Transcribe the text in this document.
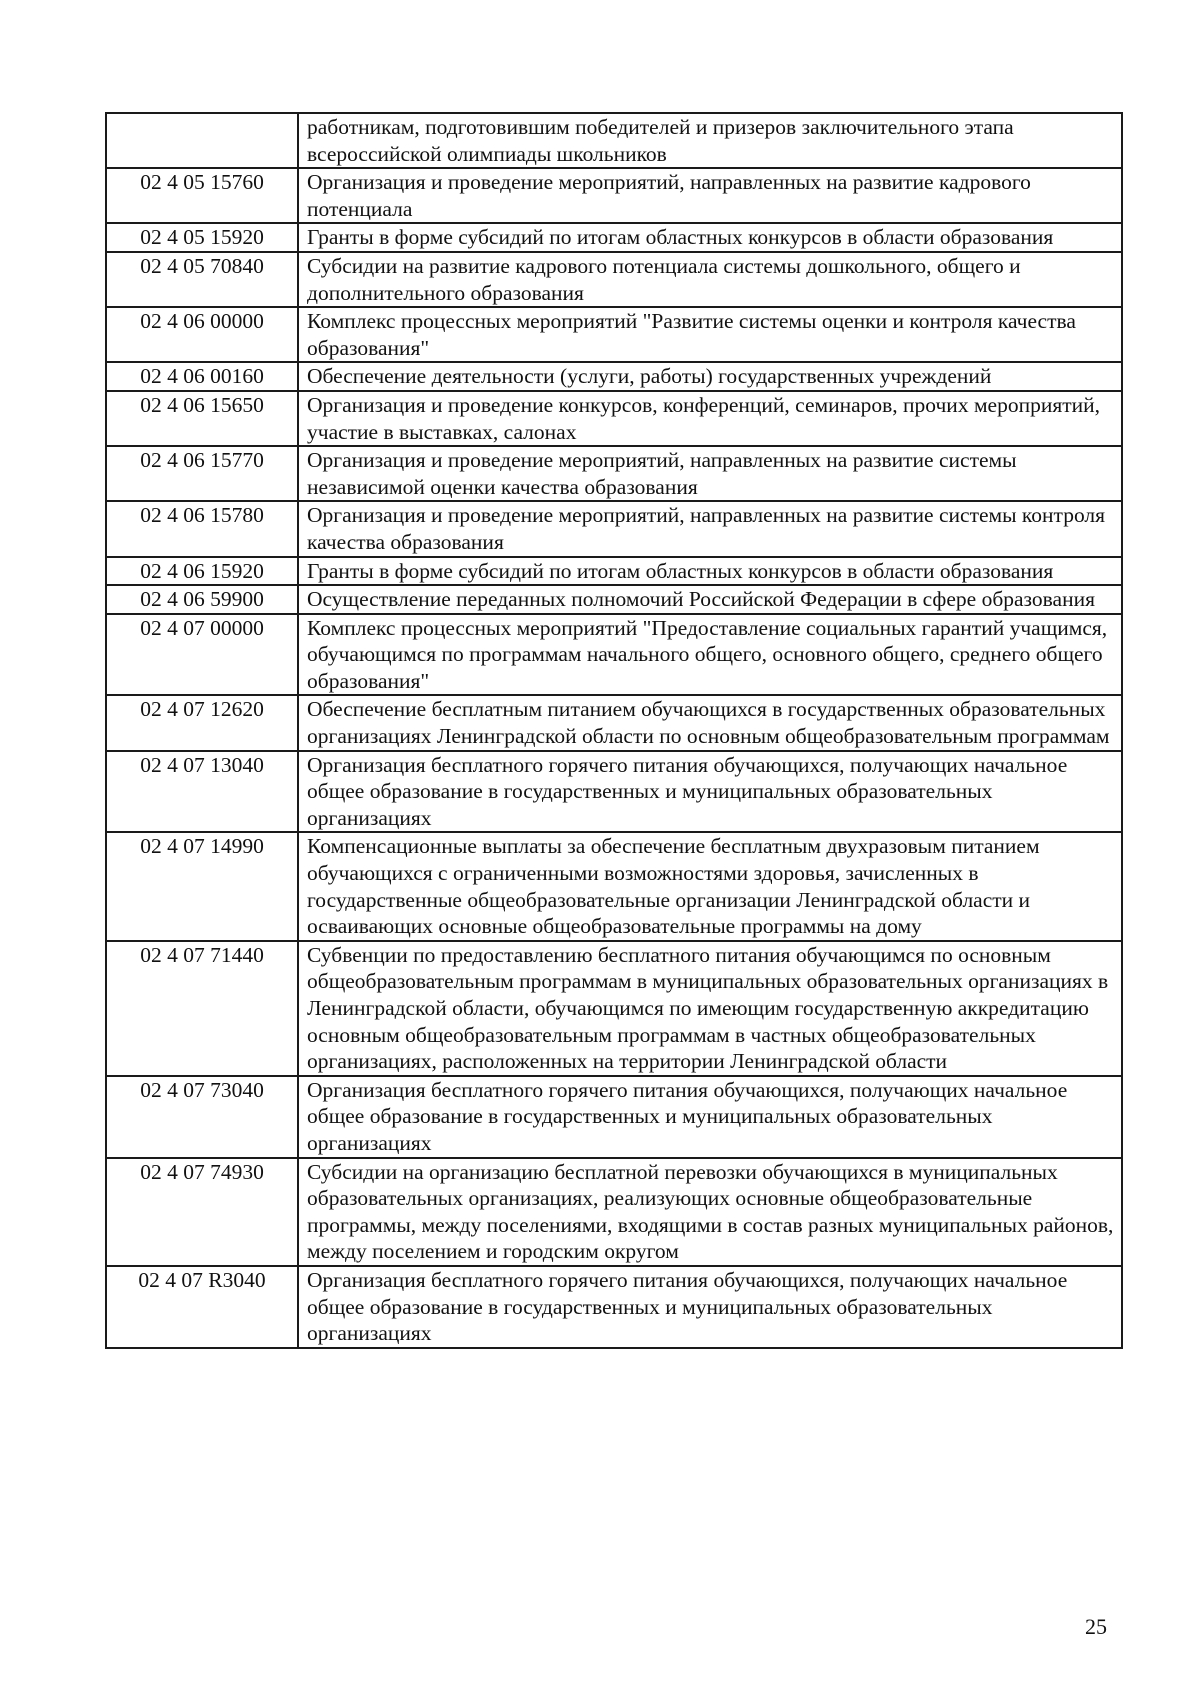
	работникам, подготовившим победителей и призеров заключительного этапа всероссийской олимпиады школьников
02 4 05 15760	Организация и проведение мероприятий, направленных на развитие кадрового потенциала
02 4 05 15920	Гранты в форме субсидий по итогам областных конкурсов в области образования
02 4 05 70840	Субсидии на развитие кадрового потенциала системы дошкольного, общего и дополнительного образования
02 4 06 00000	Комплекс процессных мероприятий "Развитие системы оценки и контроля качества образования"
02 4 06 00160	Обеспечение деятельности (услуги, работы) государственных учреждений
02 4 06 15650	Организация и проведение конкурсов, конференций, семинаров, прочих мероприятий, участие в выставках, салонах
02 4 06 15770	Организация и проведение мероприятий, направленных на развитие системы независимой оценки качества образования
02 4 06 15780	Организация и проведение мероприятий, направленных на развитие системы контроля качества образования
02 4 06 15920	Гранты в форме субсидий по итогам областных конкурсов в области образования
02 4 06 59900	Осуществление переданных полномочий Российской Федерации в сфере образования
02 4 07 00000	Комплекс процессных мероприятий "Предоставление социальных гарантий учащимся, обучающимся по программам начального общего, основного общего, среднего общего образования"
02 4 07 12620	Обеспечение бесплатным питанием обучающихся в государственных образовательных организациях Ленинградской области по основным общеобразовательным программам
02 4 07 13040	Организация бесплатного горячего питания обучающихся, получающих начальное общее образование в государственных и муниципальных образовательных организациях
02 4 07 14990	Компенсационные выплаты за обеспечение бесплатным двухразовым питанием обучающихся с ограниченными возможностями здоровья, зачисленных в государственные общеобразовательные организации Ленинградской области и осваивающих основные общеобразовательные программы на дому
02 4 07 71440	Субвенции по предоставлению бесплатного питания обучающимся по основным общеобразовательным программам в муниципальных образовательных организациях в Ленинградской области, обучающимся по имеющим государственную аккредитацию основным общеобразовательным программам в частных общеобразовательных организациях, расположенных на территории Ленинградской области
02 4 07 73040	Организация бесплатного горячего питания обучающихся, получающих начальное общее образование в государственных и муниципальных образовательных организациях
02 4 07 74930	Субсидии на организацию бесплатной перевозки обучающихся в муниципальных образовательных организациях, реализующих основные общеобразовательные программы, между поселениями, входящими в состав разных муниципальных районов, между поселением и городским округом
02 4 07 R3040	Организация бесплатного горячего питания обучающихся, получающих начальное общее образование в государственных и муниципальных образовательных организациях
25
